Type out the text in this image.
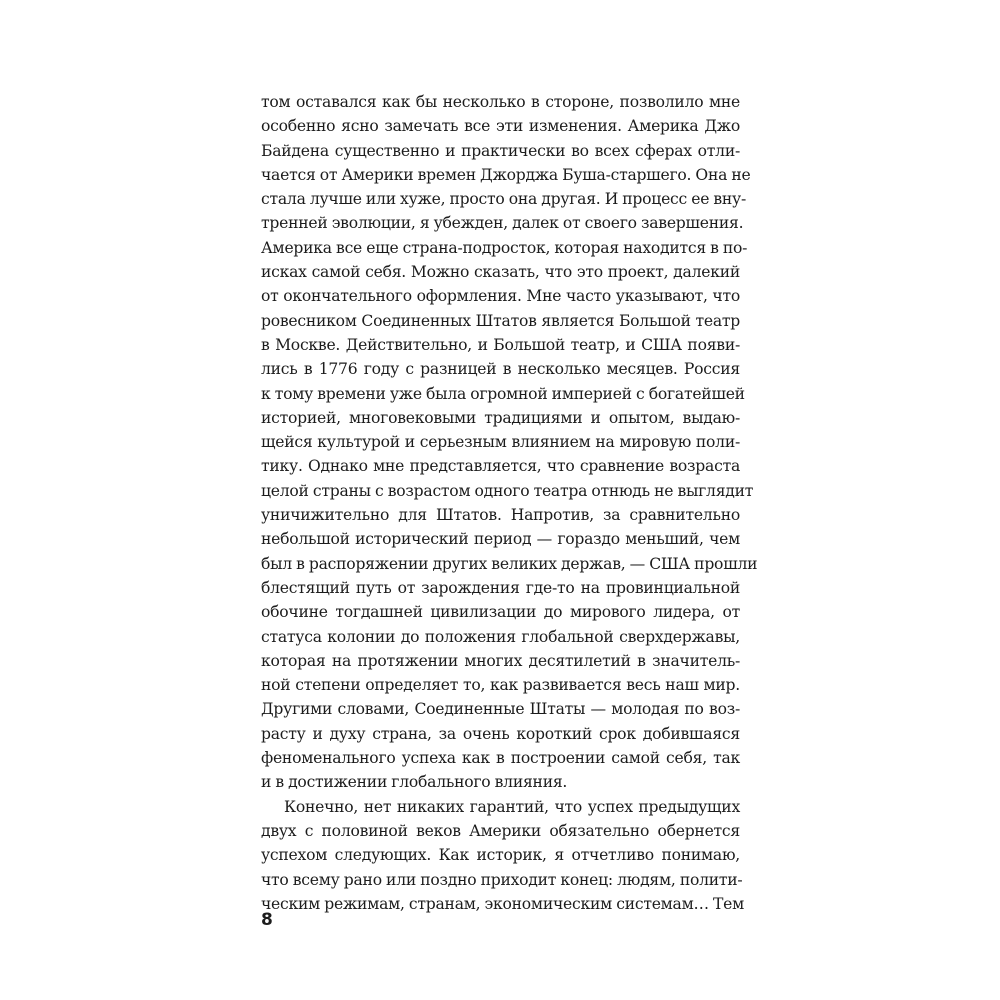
том оставался как бы несколько в стороне, позволило мне
особенно ясно замечать все эти изменения. Америка Джо
Байдена существенно и практически во всех сферах отли-
чается от Америки времен Джорджа Буша-старшего. Она не
стала лучше или хуже, просто она другая. И процесс ее вну-
тренней эволюции, я убежден, далек от своего завершения.
Америка все еще страна-подросток, которая находится в по-
исках самой себя. Можно сказать, что это проект, далекий
от окончательного оформления. Мне часто указывают, что
ровесником Соединенных Штатов является Большой театр
в Москве. Действительно, и Большой театр, и США появи-
лись в 1776 году с разницей в несколько месяцев. Россия
к тому времени уже была огромной империей с богатейшей
историей, многовековыми традициями и опытом, выдаю-
щейся культурой и серьезным влиянием на мировую поли-
тику. Однако мне представляется, что сравнение возраста
целой страны с возрастом одного театра отнюдь не выглядит
уничижительно для Штатов. Напротив, за сравнительно
небольшой исторический период — гораздо меньший, чем
был в распоряжении других великих держав, — США прошли
блестящий путь от зарождения где-то на провинциальной
обочине тогдашней цивилизации до мирового лидера, от
статуса колонии до положения глобальной сверхдержавы,
которая на протяжении многих десятилетий в значитель-
ной степени определяет то, как развивается весь наш мир.
Другими словами, Соединенные Штаты — молодая по воз-
расту и духу страна, за очень короткий срок добившаяся
феноменального успеха как в построении самой себя, так
и в достижении глобального влияния.
Конечно, нет никаких гарантий, что успех предыдущих
двух с половиной веков Америки обязательно обернется
успехом следующих. Как историк, я отчетливо понимаю,
что всему рано или поздно приходит конец: людям, полити-
ческим режимам, странам, экономическим системам… Тем
8
